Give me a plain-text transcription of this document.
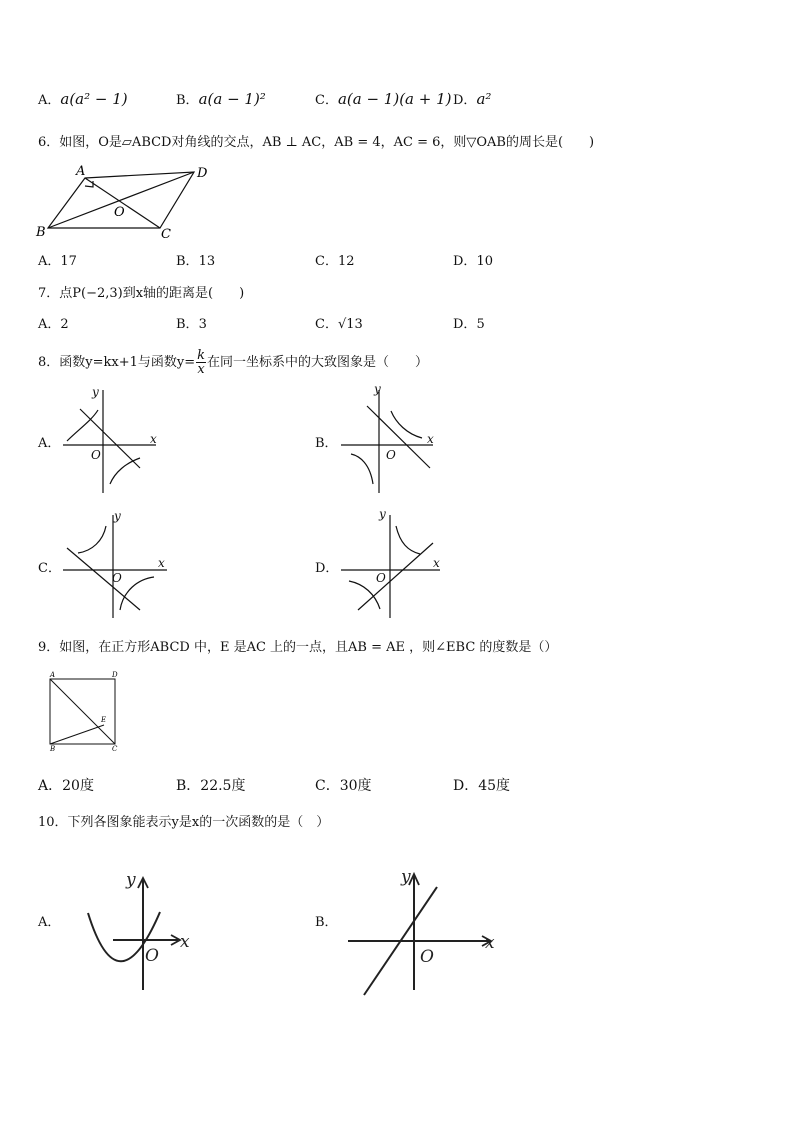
A．a(a² − 1)	B．a(a − 1)²	C．a(a − 1)(a + 1) D．a²
6．如图，O是▱ABCD对角线的交点，AB ⊥ AC，AB = 4，AC = 6，则▽OAB的周长是(　　)
A	D
B	C
O
A．17	B．13	C．12	D．10
7．点P(−2,3)到x轴的距离是(　　)
A．2	B．3	C．√13	D．5
8．函数y=kx+1与函数$y= \frac{k}{x}$ 在同一坐标系中的大致图象是（　　）
A．	B．
C．	D．
x
y
O
x
y
O
x
y
O
x
y
O
9．如图，在正方形ABCD 中，E 是AC 上的一点，且AB = AE ，则∠EBC 的度数是（）
A	D
B	C
E
A．20度	B．22.5度	C．30度	D．45度
10．下列各图象能表示y是x的一次函数的是（　）
A．	B．
x
y
O
x
y
O
